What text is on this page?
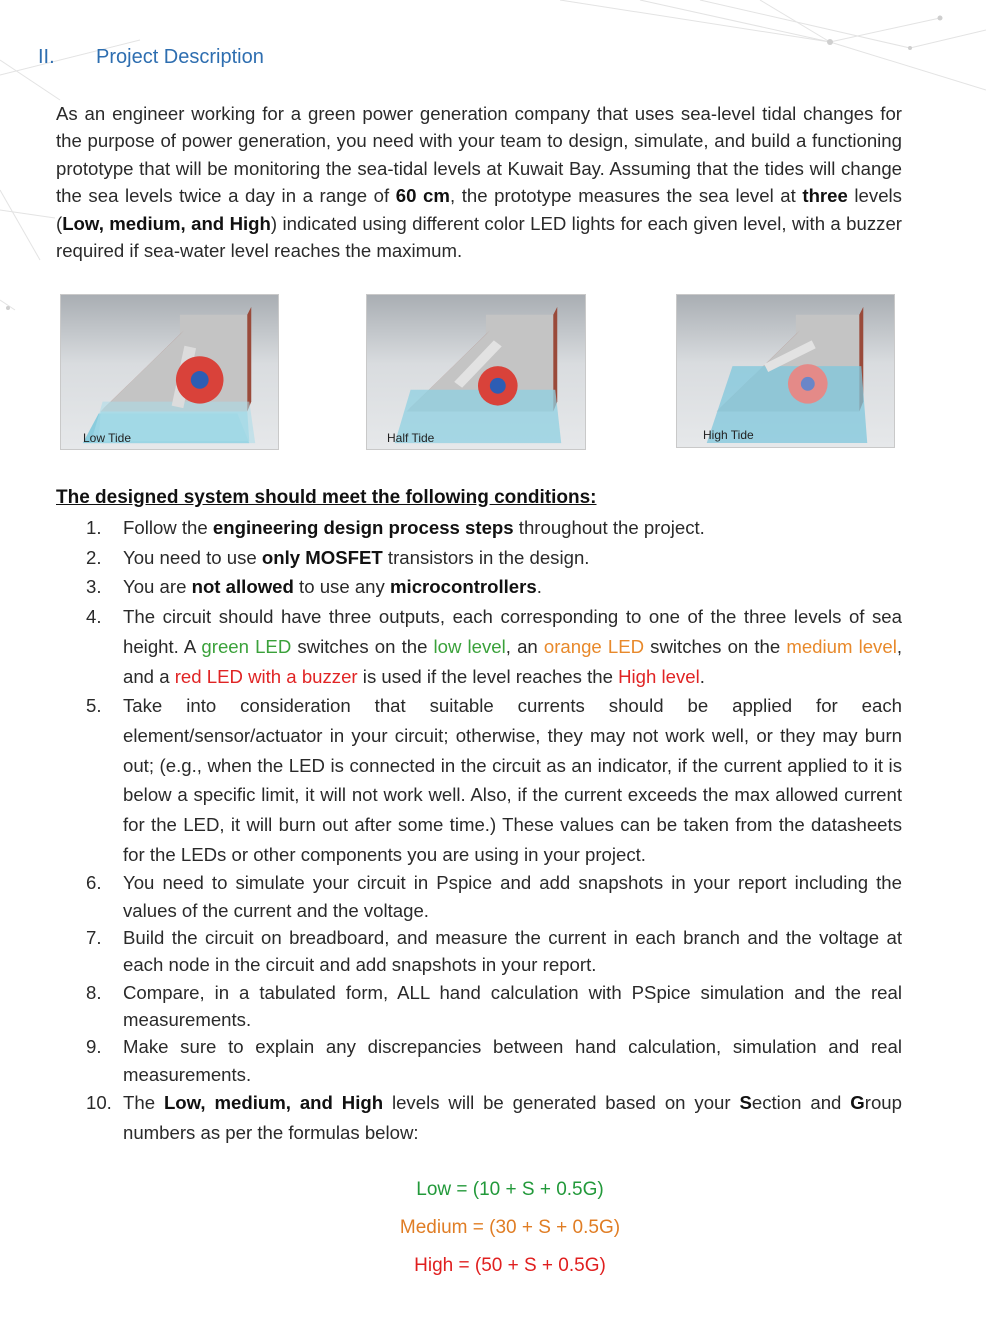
II. Project Description

As an engineer working for a green power generation company that uses sea-level tidal changes for the purpose of power generation, you need with your team to design, simulate, and build a functioning prototype that will be monitoring the sea-tidal levels at Kuwait Bay. Assuming that the tides will change the sea levels twice a day in a range of 60 cm, the prototype measures the sea level at three levels (Low, medium, and High) indicated using different color LED lights for each given level, with a buzzer required if sea-water level reaches the maximum.

Low Tide	Half Tide	High Tide
The designed system should meet the following conditions:
1.	Follow the engineering design process steps throughout the project.
2.	You need to use only MOSFET transistors in the design.
3.	You are not allowed to use any microcontrollers.
4.	The circuit should have three outputs, each corresponding to one of the three levels of sea height. A green LED switches on the low level, an orange LED switches on the medium level, and a red LED with a buzzer is used if the level reaches the High level.
5.	Take into consideration that suitable currents should be applied for each element/sensor/actuator in your circuit; otherwise, they may not work well, or they may burn out; (e.g., when the LED is connected in the circuit as an indicator, if the current applied to it is below a specific limit, it will not work well. Also, if the current exceeds the max allowed current for the LED, it will burn out after some time.) These values can be taken from the datasheets for the LEDs or other components you are using in your project.
6.	You need to simulate your circuit in Pspice and add snapshots in your report including the values of the current and the voltage.
7.	Build the circuit on breadboard, and measure the current in each branch and the voltage at each node in the circuit and add snapshots in your report.
8.	Compare, in a tabulated form, ALL hand calculation with PSpice simulation and the real measurements.
9.	Make sure to explain any discrepancies between hand calculation, simulation and real measurements.
10. The Low, medium, and High levels will be generated based on your Section and Group numbers as per the formulas below:
Low = (10 + S + 0.5G)
Medium = (30 + S + 0.5G)
High = (50 + S + 0.5G)
